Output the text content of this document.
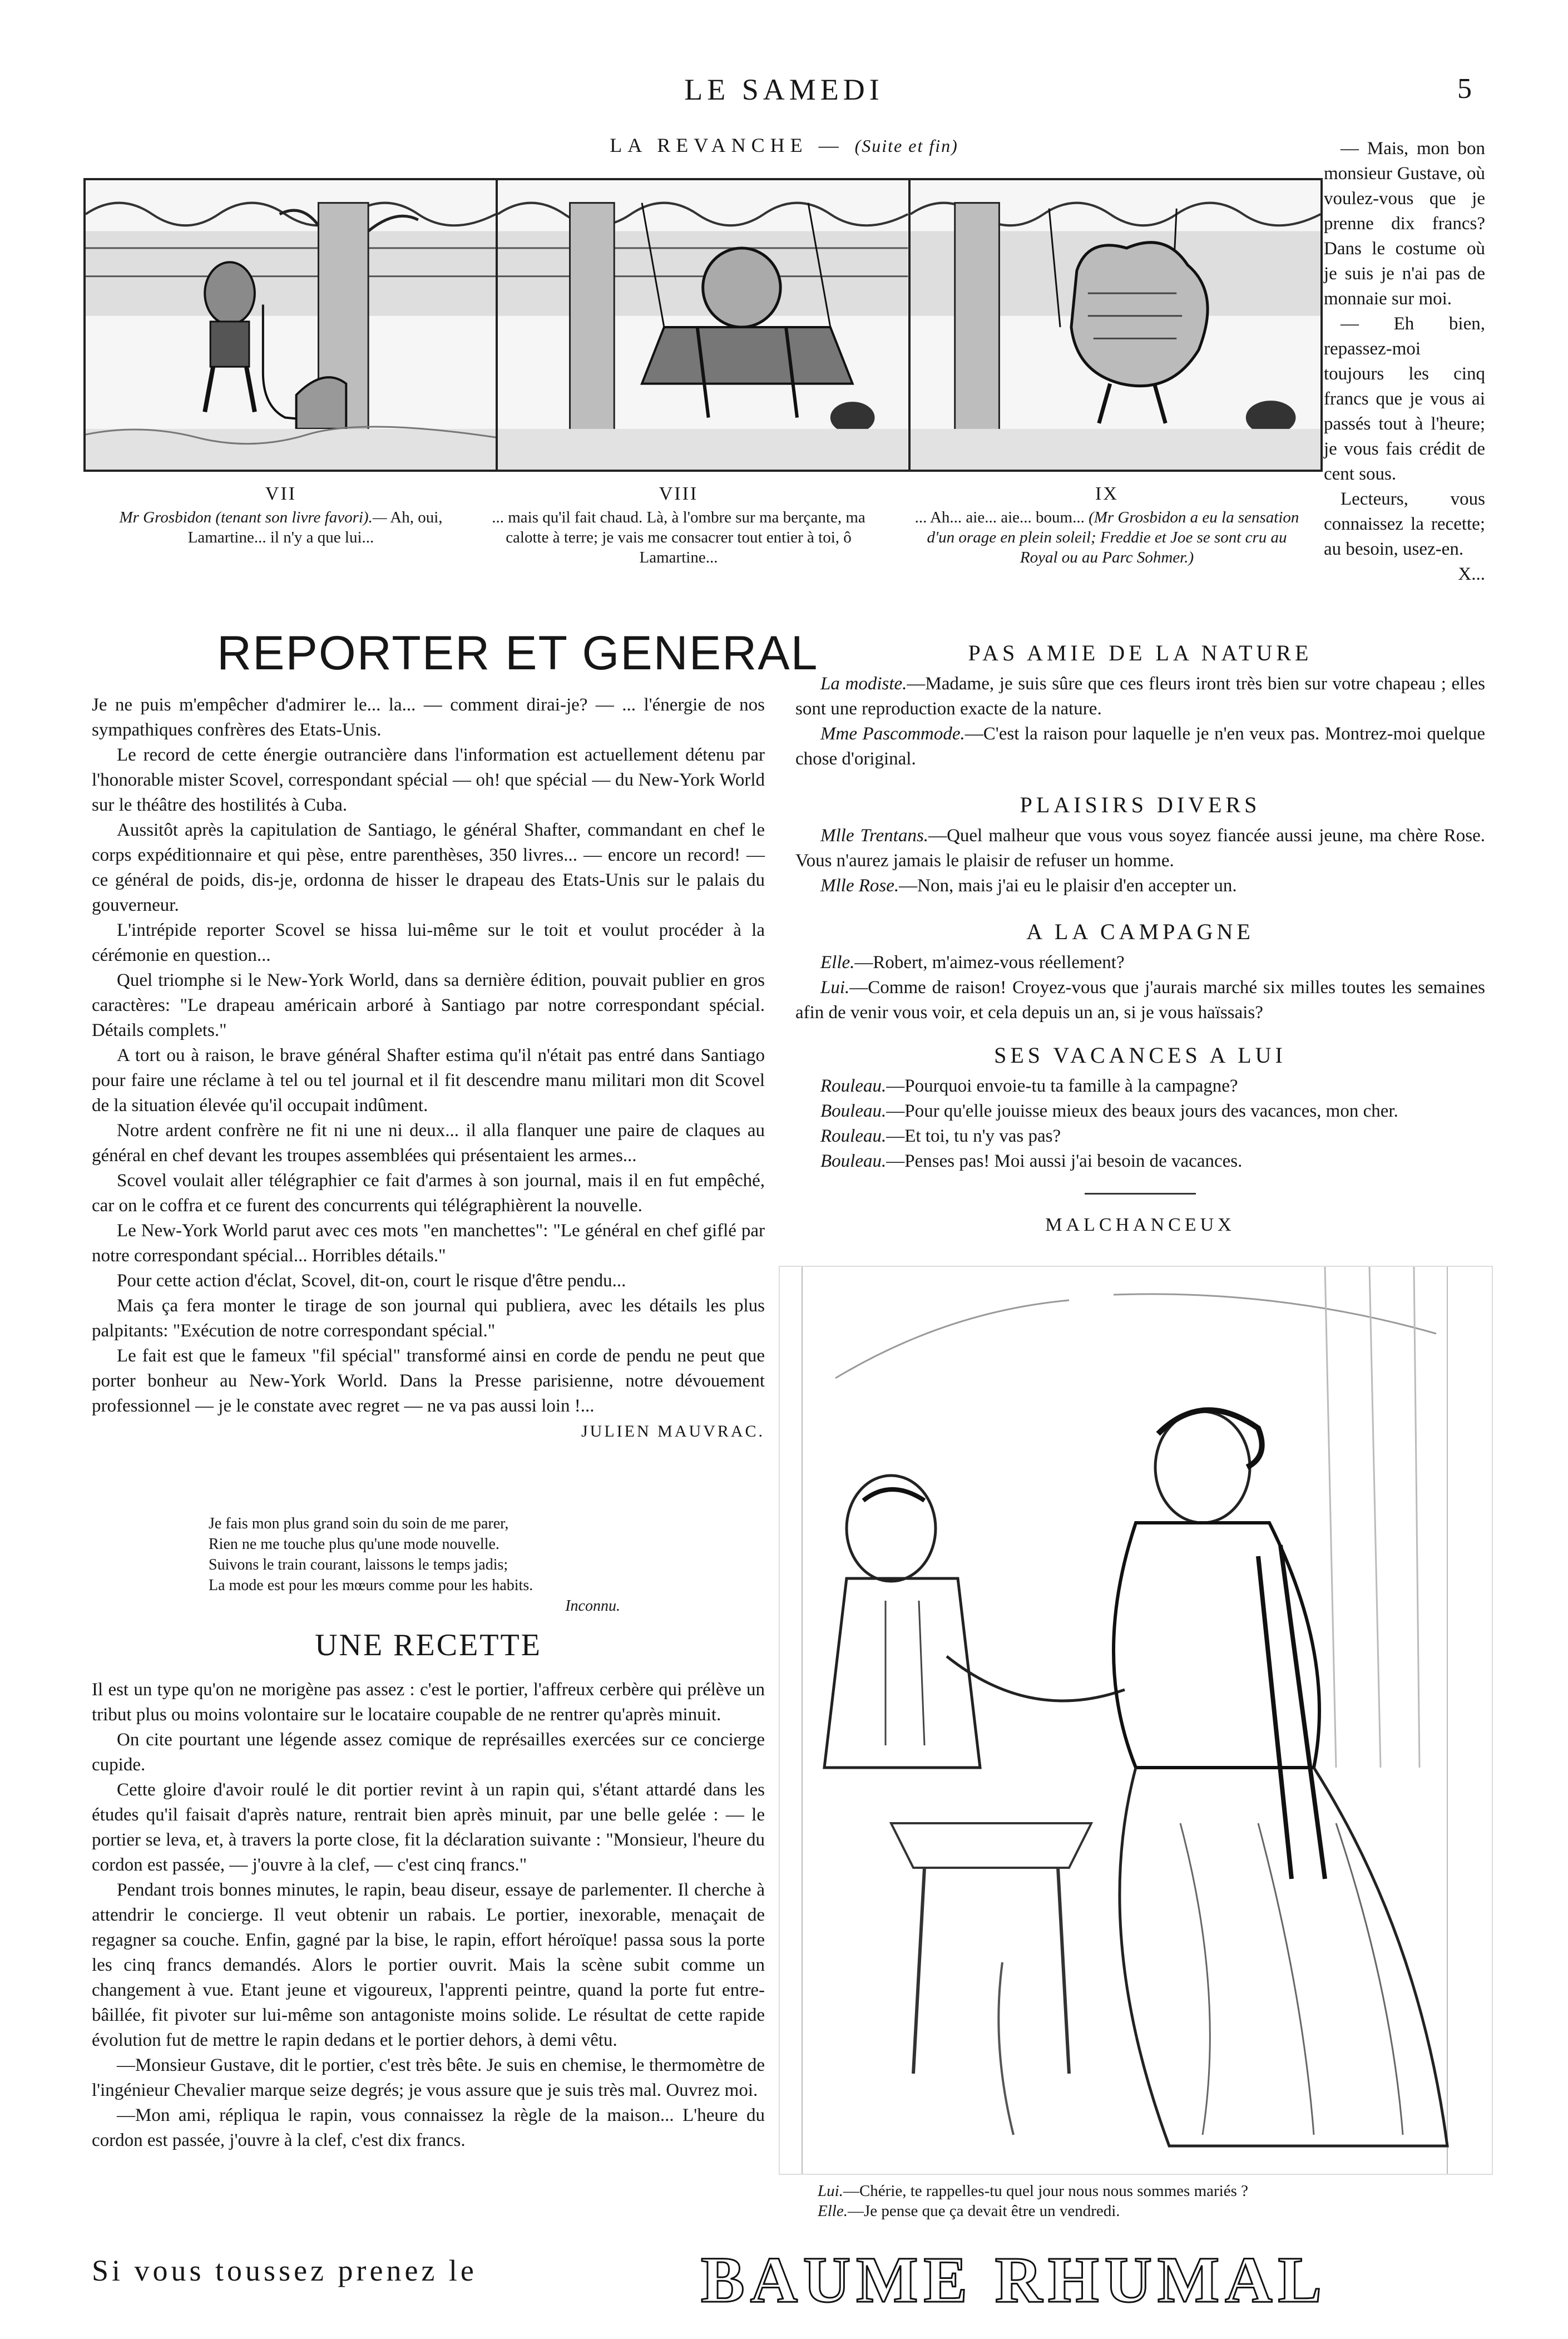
LE SAMEDI	5
LA REVANCHE — (Suite et fin)
VII
Mr Grosbidon (tenant son livre favori).— Ah, oui, Lamartine... il n'y a que lui...
VIII
... mais qu'il fait chaud. Là, à l'ombre sur ma berçante, ma calotte à terre; je vais me consacrer tout entier à toi, ô Lamartine...
IX
... Ah... aie... aie... boum... (Mr Grosbidon a eu la sensation d'un orage en plein soleil; Freddie et Joe se sont cru au Royal ou au Parc Sohmer.)

— Mais, mon bon monsieur Gustave, où voulez-vous que je prenne dix francs? Dans le costume où je suis je n'ai pas de monnaie sur moi.

— Eh bien, repassez-moi toujours les cinq francs que je vous ai passés tout à l'heure; je vous fais crédit de cent sous.

Lecteurs, vous connaissez la recette; au besoin, usez-en.

X...

REPORTER ET GENERAL

Je ne puis m'empêcher d'admirer le... la... — comment dirai-je? — ... l'énergie de nos sympathiques confrères des Etats-Unis.

Le record de cette énergie outrancière dans l'information est actuellement détenu par l'honorable mister Scovel, correspondant spécial — oh! que spécial — du New-York World sur le théâtre des hostilités à Cuba.

Aussitôt après la capitulation de Santiago, le général Shafter, commandant en chef le corps expéditionnaire et qui pèse, entre parenthèses, 350 livres... — encore un record! — ce général de poids, dis-je, ordonna de hisser le drapeau des Etats-Unis sur le palais du gouverneur.

L'intrépide reporter Scovel se hissa lui-même sur le toit et voulut procéder à la cérémonie en question...

Quel triomphe si le New-York World, dans sa dernière édition, pouvait publier en gros caractères: "Le drapeau américain arboré à Santiago par notre correspondant spécial. Détails complets."

A tort ou à raison, le brave général Shafter estima qu'il n'était pas entré dans Santiago pour faire une réclame à tel ou tel journal et il fit descendre manu militari mon dit Scovel de la situation élevée qu'il occupait indûment.

Notre ardent confrère ne fit ni une ni deux... il alla flanquer une paire de claques au général en chef devant les troupes assemblées qui présentaient les armes...

Scovel voulait aller télégraphier ce fait d'armes à son journal, mais il en fut empêché, car on le coffra et ce furent des concurrents qui télégraphièrent la nouvelle.

Le New-York World parut avec ces mots "en manchettes": "Le général en chef giflé par notre correspondant spécial... Horribles détails."

Pour cette action d'éclat, Scovel, dit-on, court le risque d'être pendu...

Mais ça fera monter le tirage de son journal qui publiera, avec les détails les plus palpitants: "Exécution de notre correspondant spécial."

Le fait est que le fameux "fil spécial" transformé ainsi en corde de pendu ne peut que porter bonheur au New-York World. Dans la Presse parisienne, notre dévouement professionnel — je le constate avec regret — ne va pas aussi loin !...

JULIEN MAUVRAC.
Je fais mon plus grand soin du soin de me parer,
Rien ne me touche plus qu'une mode nouvelle.
Suivons le train courant, laissons le temps jadis;
La mode est pour les mœurs comme pour les habits.
Inconnu.
UNE RECETTE

Il est un type qu'on ne morigène pas assez : c'est le portier, l'affreux cerbère qui prélève un tribut plus ou moins volontaire sur le locataire coupable de ne rentrer qu'après minuit.

On cite pourtant une légende assez comique de représailles exercées sur ce concierge cupide.

Cette gloire d'avoir roulé le dit portier revint à un rapin qui, s'étant attardé dans les études qu'il faisait d'après nature, rentrait bien après minuit, par une belle gelée : — le portier se leva, et, à travers la porte close, fit la déclaration suivante : "Monsieur, l'heure du cordon est passée, — j'ouvre à la clef, — c'est cinq francs."

Pendant trois bonnes minutes, le rapin, beau diseur, essaye de parlementer. Il cherche à attendrir le concierge. Il veut obtenir un rabais. Le portier, inexorable, menaçait de regagner sa couche. Enfin, gagné par la bise, le rapin, effort héroïque! passa sous la porte les cinq francs demandés. Alors le portier ouvrit. Mais la scène subit comme un changement à vue. Etant jeune et vigoureux, l'apprenti peintre, quand la porte fut entre-bâillée, fit pivoter sur lui-même son antagoniste moins solide. Le résultat de cette rapide évolution fut de mettre le rapin dedans et le portier dehors, à demi vêtu.

—Monsieur Gustave, dit le portier, c'est très bête. Je suis en chemise, le thermomètre de l'ingénieur Chevalier marque seize degrés; je vous assure que je suis très mal. Ouvrez moi.

—Mon ami, répliqua le rapin, vous connaissez la règle de la maison... L'heure du cordon est passée, j'ouvre à la clef, c'est dix francs.

PAS AMIE DE LA NATURE

La modiste.—Madame, je suis sûre que ces fleurs iront très bien sur votre chapeau ; elles sont une reproduction exacte de la nature.

Mme Pascommode.—C'est la raison pour laquelle je n'en veux pas. Montrez-moi quelque chose d'original.

PLAISIRS DIVERS

Mlle Trentans.—Quel malheur que vous vous soyez fiancée aussi jeune, ma chère Rose. Vous n'aurez jamais le plaisir de refuser un homme.

Mlle Rose.—Non, mais j'ai eu le plaisir d'en accepter un.

A LA CAMPAGNE

Elle.—Robert, m'aimez-vous réellement?

Lui.—Comme de raison! Croyez-vous que j'aurais marché six milles toutes les semaines afin de venir vous voir, et cela depuis un an, si je vous haïssais?

SES VACANCES A LUI

Rouleau.—Pourquoi envoie-tu ta famille à la campagne?

Bouleau.—Pour qu'elle jouisse mieux des beaux jours des vacances, mon cher.

Rouleau.—Et toi, tu n'y vas pas?

Bouleau.—Penses pas! Moi aussi j'ai besoin de vacances.

MALCHANCEUX
Lui.—Chérie, te rappelles-tu quel jour nous nous sommes mariés ?
Elle.—Je pense que ça devait être un vendredi.
Si vous toussez prenez le	BAUME RHUMAL
